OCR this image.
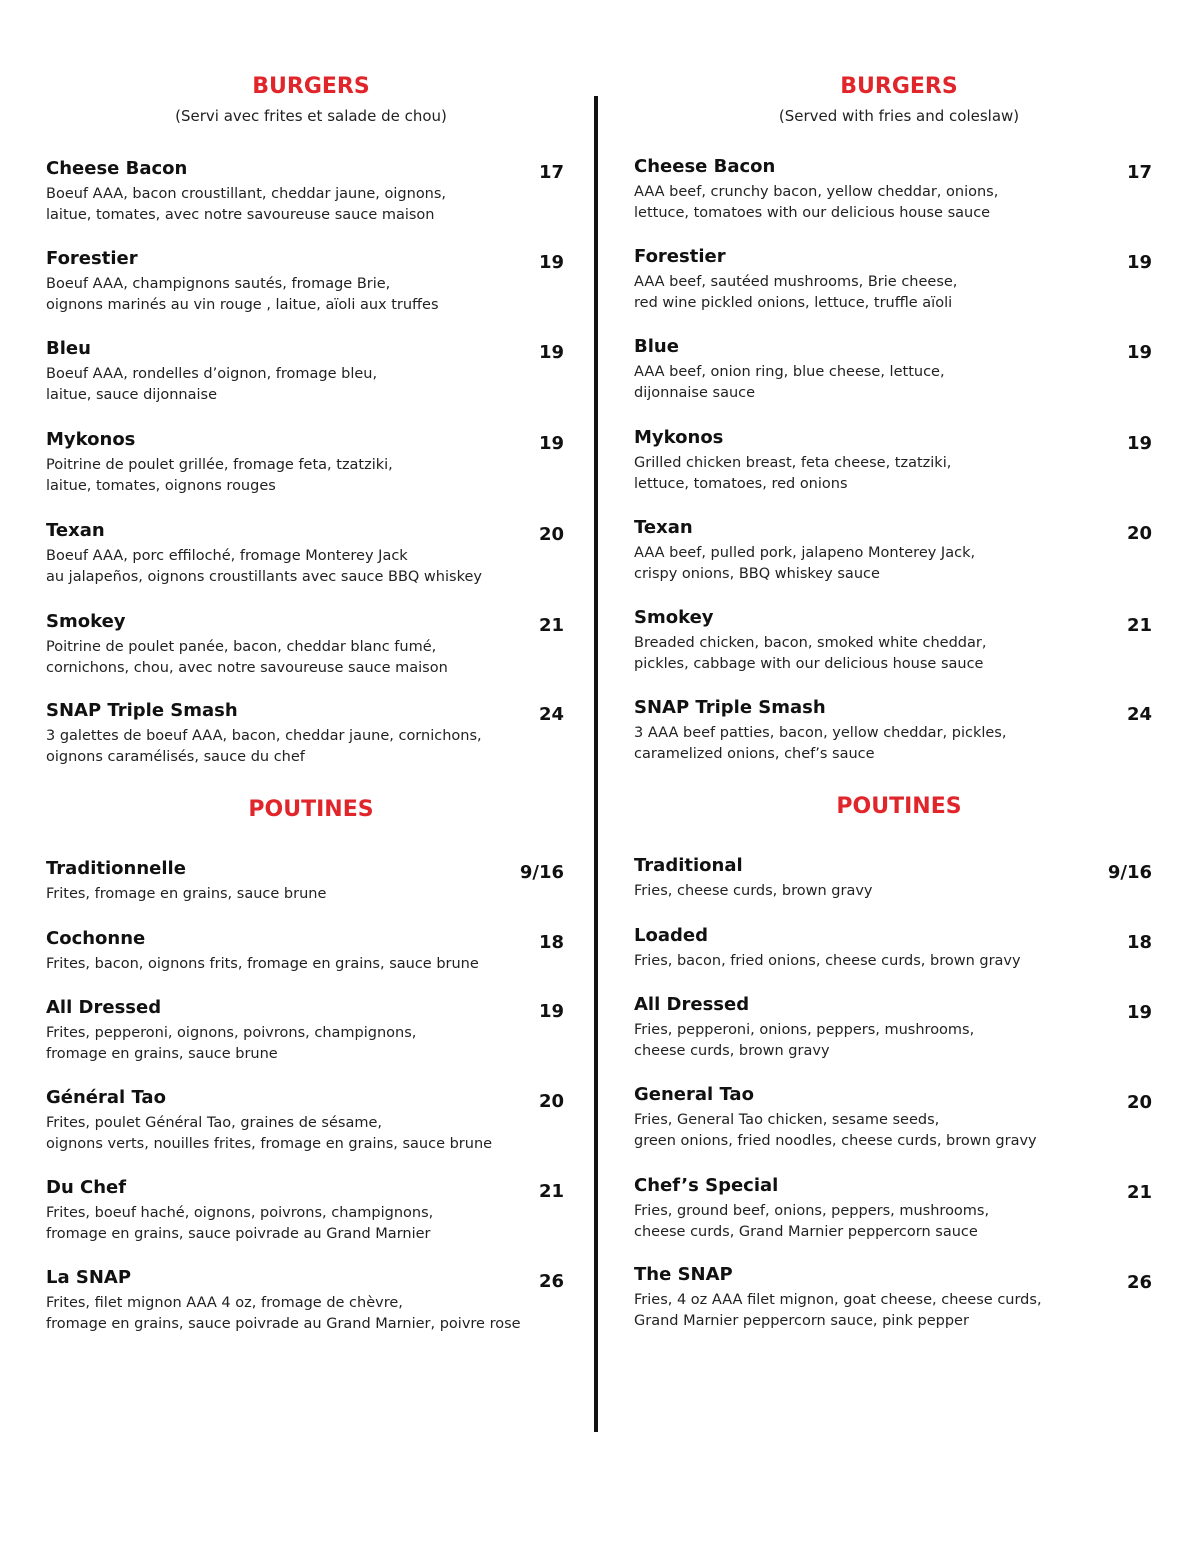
BURGERS

(Servi avec frites et salade de chou)

Cheese Bacon

Boeuf AAA, bacon croustillant, cheddar jaune, oignons,
laitue, tomates, avec notre savoureuse sauce maison

17

Forestier

Boeuf AAA, champignons sautés, fromage Brie,
oignons marinés au vin rouge , laitue, aïoli aux truffes

19

Bleu

Boeuf AAA, rondelles d’oignon, fromage bleu,
laitue, sauce dijonnaise

19

Mykonos

Poitrine de poulet grillée, fromage feta, tzatziki,
laitue, tomates, oignons rouges

19

Texan

Boeuf AAA, porc effiloché, fromage Monterey Jack
au jalapeños, oignons croustillants avec sauce BBQ whiskey

20

Smokey

Poitrine de poulet panée, bacon, cheddar blanc fumé,
cornichons, chou, avec notre savoureuse sauce maison

21

SNAP Triple Smash

3 galettes de boeuf AAA, bacon, cheddar jaune, cornichons,
oignons caramélisés, sauce du chef

24
POUTINES

Traditionnelle

Frites, fromage en grains, sauce brune

9/16

Cochonne

Frites, bacon, oignons frits, fromage en grains, sauce brune

18

All Dressed

Frites, pepperoni, oignons, poivrons, champignons,
fromage en grains, sauce brune

19

Général Tao

Frites, poulet Général Tao, graines de sésame,
oignons verts, nouilles frites, fromage en grains, sauce brune

20

Du Chef

Frites, boeuf haché, oignons, poivrons, champignons,
fromage en grains, sauce poivrade au Grand Marnier

21

La SNAP

Frites, filet mignon AAA 4 oz, fromage de chèvre,
fromage en grains, sauce poivrade au Grand Marnier, poivre rose

26
BURGERS

(Served with fries and coleslaw)

Cheese Bacon

AAA beef, crunchy bacon, yellow cheddar, onions,
lettuce, tomatoes with our delicious house sauce

17

Forestier

AAA beef, sautéed mushrooms, Brie cheese,
red wine pickled onions, lettuce, truffle aïoli

19

Blue

AAA beef, onion ring, blue cheese, lettuce,
dijonnaise sauce

19

Mykonos

Grilled chicken breast, feta cheese, tzatziki,
lettuce, tomatoes, red onions

19

Texan

AAA beef, pulled pork, jalapeno Monterey Jack,
crispy onions, BBQ whiskey sauce

20

Smokey

Breaded chicken, bacon, smoked white cheddar,
pickles, cabbage with our delicious house sauce

21

SNAP Triple Smash

3 AAA beef patties, bacon, yellow cheddar, pickles,
caramelized onions, chef’s sauce

24
POUTINES

Traditional

Fries, cheese curds, brown gravy

9/16

Loaded

Fries, bacon, fried onions, cheese curds, brown gravy

18

All Dressed

Fries, pepperoni, onions, peppers, mushrooms,
cheese curds, brown gravy

19

General Tao

Fries, General Tao chicken, sesame seeds,
green onions, fried noodles, cheese curds, brown gravy

20

Chef’s Special

Fries, ground beef, onions, peppers, mushrooms,
cheese curds, Grand Marnier peppercorn sauce

21

The SNAP

Fries, 4 oz AAA filet mignon, goat cheese, cheese curds,
Grand Marnier peppercorn sauce, pink pepper

26
